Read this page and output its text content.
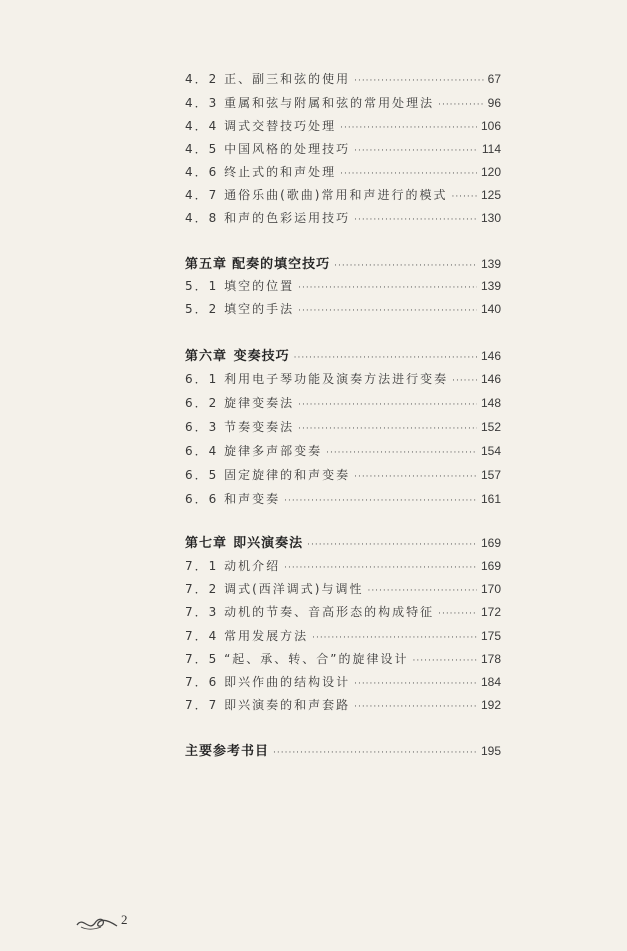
4．2 正、副三和弦的使用 ·····	67
4．3 重属和弦与附属和弦的常用处理法 ·····	96
4．4 调式交替技巧处理 ·····	106
4．5 中国风格的处理技巧 ·····	114
4．6 终止式的和声处理 ·····	120
4．7 通俗乐曲(歌曲)常用和声进行的模式 ·····	125
4．8 和声的色彩运用技巧 ·····	130
第五章 配奏的填空技巧 ·····	139
5．1 填空的位置 ·····	139
5．2 填空的手法 ·····	140
第六章 变奏技巧 ·····	146
6．1 利用电子琴功能及演奏方法进行变奏 ·····	146
6．2 旋律变奏法 ·····	148
6．3 节奏变奏法 ·····	152
6．4 旋律多声部变奏 ·····	154
6．5 固定旋律的和声变奏 ·····	157
6．6 和声变奏 ·····	161
第七章 即兴演奏法 ·····	169
7．1 动机介绍 ·····	169
7．2 调式(西洋调式)与调性 ·····	170
7．3 动机的节奏、音高形态的构成特征 ·····	172
7．4 常用发展方法 ·····	175
7．5 “起、承、转、合”的旋律设计 ·····	178
7．6 即兴作曲的结构设计 ·····	184
7．7 即兴演奏的和声套路 ·····	192
主要参考书目 ·····	195
2
